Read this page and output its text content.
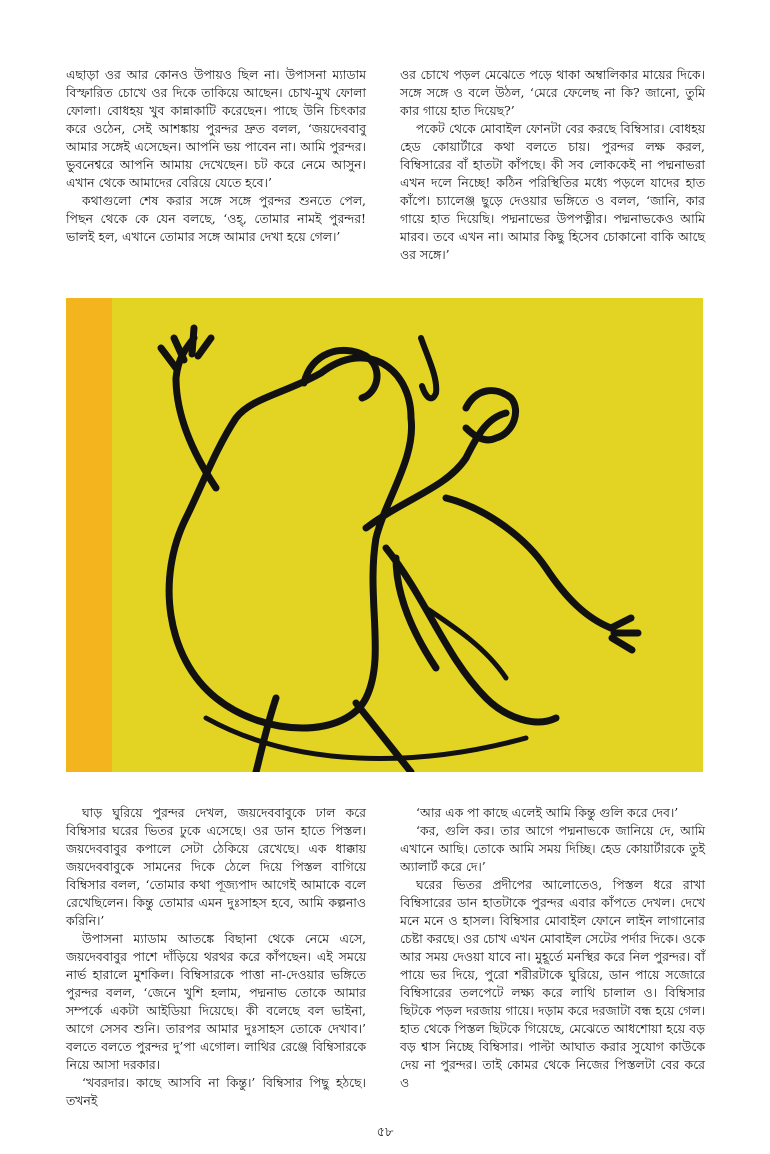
এছাড়া ওর আর কোনও উপায়ও ছিল না। উপাসনা ম্যাডাম বিস্ফারিত চোখে ওর দিকে তাকিয়ে আছেন। চোখ-মুখ ফোলা ফোলা। বোধহয় খুব কান্নাকাটি করেছেন। পাছে উনি চিৎকার করে ওঠেন, সেই আশঙ্কায় পুরন্দর দ্রুত বলল, ‘জয়দেববাবু আমার সঙ্গেই এসেছেন। আপনি ভয় পাবেন না। আমি পুরন্দর। ভুবনেশ্বরে আপনি আমায় দেখেছেন। চট করে নেমে আসুন। এখান থেকে আমাদের বেরিয়ে যেতে হবে।’

কথাগুলো শেষ করার সঙ্গে সঙ্গে পুরন্দর শুনতে পেল, পিছন থেকে কে যেন বলছে, ‘ওহ্, তোমার নামই পুরন্দর! ভালই হল, এখানে তোমার সঙ্গে আমার দেখা হয়ে গেল।’

ওর চোখে পড়ল মেঝেতে পড়ে থাকা অম্বালিকার মায়ের দিকে। সঙ্গে সঙ্গে ও বলে উঠল, ‘মেরে ফেলেছ না কি? জানো, তুমি কার গায়ে হাত দিয়েছ?’

পকেট থেকে মোবাইল ফোনটা বের করছে বিম্বিসার। বোধহয় হেড কোয়ার্টারে কথা বলতে চায়। পুরন্দর লক্ষ করল, বিম্বিসারের বাঁ হাতটা কাঁপছে। কী সব লোককেই না পদ্মনাভরা এখন দলে নিচ্ছে! কঠিন পরিস্থিতির মধ্যে পড়লে যাদের হাত কাঁপে। চ্যালেঞ্জ ছুড়ে দেওয়ার ভঙ্গিতে ও বলল, ‘জানি, কার গায়ে হাত দিয়েছি। পদ্মনাভের উপপত্নীর। পদ্মনাভকেও আমি মারব। তবে এখন না। আমার কিছু হিসেব চোকানো বাকি আছে ওর সঙ্গে।’

ঘাড় ঘুরিয়ে পুরন্দর দেখল, জয়দেববাবুকে ঢাল করে বিম্বিসার ঘরের ভিতর ঢুকে এসেছে। ওর ডান হাতে পিস্তল। জয়দেববাবুর কপালে সেটা ঠেকিয়ে রেখেছে। এক ধাক্কায় জয়দেববাবুকে সামনের দিকে ঠেলে দিয়ে পিস্তল বাগিয়ে বিম্বিসার বলল, ‘তোমার কথা পূজ্যপাদ আগেই আমাকে বলে রেখেছিলেন। কিন্তু তোমার এমন দুঃসাহস হবে, আমি কল্পনাও করিনি।’

উপাসনা ম্যাডাম আতঙ্কে বিছানা থেকে নেমে এসে, জয়দেববাবুর পাশে দাঁড়িয়ে থরথর করে কাঁপছেন। এই সময়ে নার্ভ হারালে মুশকিল। বিম্বিসারকে পাত্তা না-দেওয়ার ভঙ্গিতে পুরন্দর বলল, ‘জেনে খুশি হলাম, পদ্মনাভ তোকে আমার সম্পর্কে একটা আইডিয়া দিয়েছে। কী বলেছে বল ভাইনা, আগে সেসব শুনি। তারপর আমার দুঃসাহস তোকে দেখাব।’ বলতে বলতে পুরন্দর দু’পা এগোল। লাথির রেঞ্জে বিম্বিসারকে নিয়ে আসা দরকার।

‘খবরদার। কাছে আসবি না কিন্তু।’ বিম্বিসার পিছু হঠছে। তখনই

‘আর এক পা কাছে এলেই আমি কিন্তু গুলি করে দেব।’

‘কর, গুলি কর। তার আগে পদ্মনাভকে জানিয়ে দে, আমি এখানে আছি। তোকে আমি সময় দিচ্ছি। হেড কোয়ার্টারকে তুই অ্যালার্ট করে দে।’

ঘরের ভিতর প্রদীপের আলোতেও, পিস্তল ধরে রাখা বিম্বিসারের ডান হাতটাকে পুরন্দর এবার কাঁপতে দেখল। দেখে মনে মনে ও হাসল। বিম্বিসার মোবাইল ফোনে লাইন লাগানোর চেষ্টা করছে। ওর চোখ এখন মোবাইল সেটের পর্দার দিকে। ওকে আর সময় দেওয়া যাবে না। মুহূর্তে মনস্থির করে নিল পুরন্দর। বাঁ পায়ে ভর দিয়ে, পুরো শরীরটাকে ঘুরিয়ে, ডান পায়ে সজোরে বিম্বিসারের তলপেটে লক্ষ্য করে লাথি চালাল ও। বিম্বিসার ছিটকে পড়ল দরজায় গায়ে। দড়াম করে দরজাটা বন্ধ হয়ে গেল। হাত থেকে পিস্তল ছিটকে গিয়েছে, মেঝেতে আধশোয়া হয়ে বড় বড় শ্বাস নিচ্ছে বিম্বিসার। পাল্টা আঘাত করার সুযোগ কাউকে দেয় না পুরন্দর। তাই কোমর থেকে নিজের পিস্তলটা বের করে ও

৫৮
